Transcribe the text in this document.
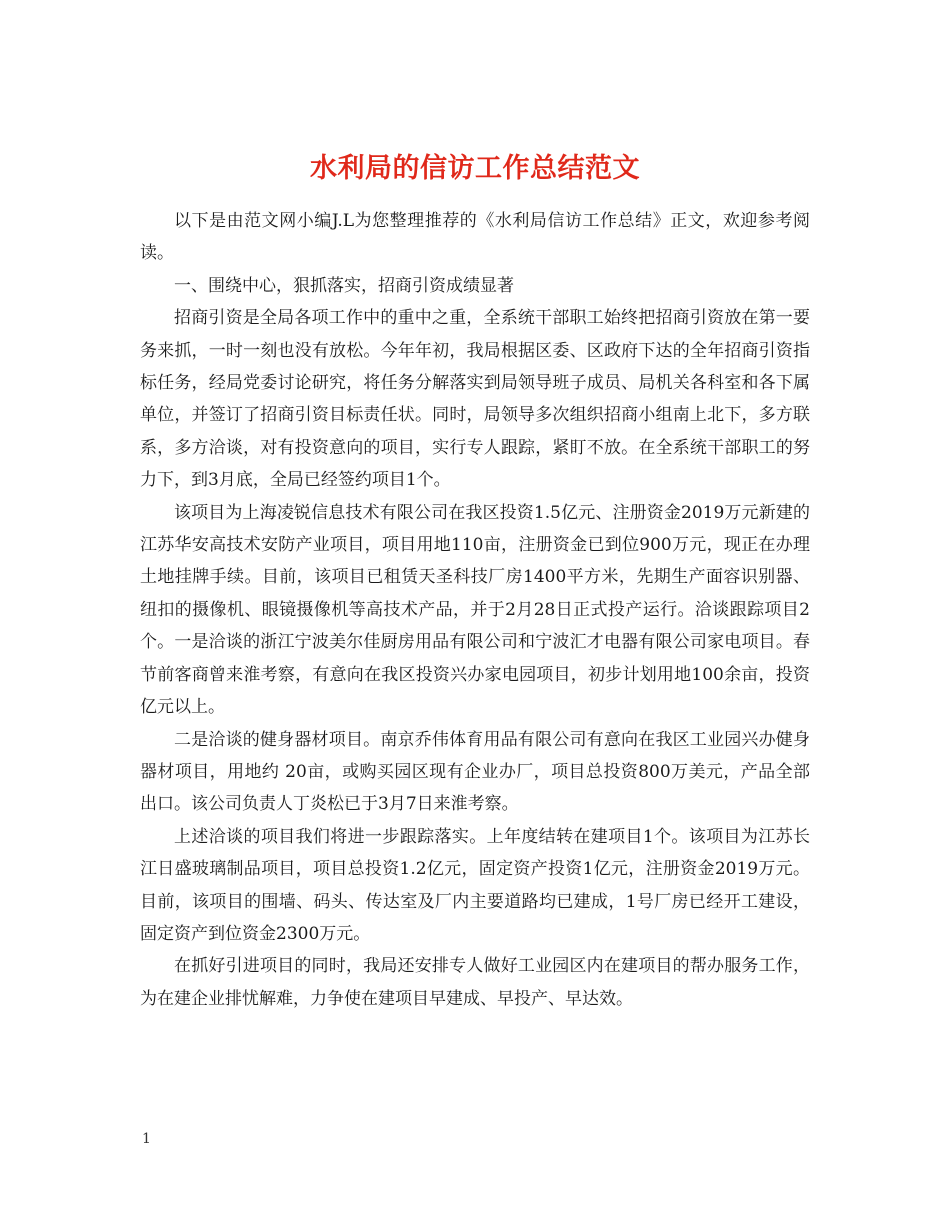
水利局的信访工作总结范文

以下是由范文网小编J.L为您整理推荐的《水利局信访工作总结》正文，欢迎参考阅读。

一、围绕中心，狠抓落实，招商引资成绩显著

招商引资是全局各项工作中的重中之重，全系统干部职工始终把招商引资放在第一要务来抓，一时一刻也没有放松。今年年初，我局根据区委、区政府下达的全年招商引资指标任务，经局党委讨论研究，将任务分解落实到局领导班子成员、局机关各科室和各下属单位，并签订了招商引资目标责任状。同时，局领导多次组织招商小组南上北下，多方联系，多方洽谈，对有投资意向的项目，实行专人跟踪，紧盯不放。在全系统干部职工的努力下，到3月底，全局已经签约项目1个。

该项目为上海凌锐信息技术有限公司在我区投资1.5亿元、注册资金2019万元新建的江苏华安高技术安防产业项目，项目用地110亩，注册资金已到位900万元，现正在办理土地挂牌手续。目前，该项目已租赁天圣科技厂房1400平方米，先期生产面容识别器、纽扣的摄像机、眼镜摄像机等高技术产品，并于2月28日正式投产运行。洽谈跟踪项目2个。一是洽谈的浙江宁波美尔佳厨房用品有限公司和宁波汇才电器有限公司家电项目。春节前客商曾来淮考察，有意向在我区投资兴办家电园项目，初步计划用地100余亩，投资亿元以上。

二是洽谈的健身器材项目。南京乔伟体育用品有限公司有意向在我区工业园兴办健身器材项目，用地约 20亩，或购买园区现有企业办厂，项目总投资800万美元，产品全部出口。该公司负责人丁炎松已于3月7日来淮考察。

上述洽谈的项目我们将进一步跟踪落实。上年度结转在建项目1个。该项目为江苏长江日盛玻璃制品项目，项目总投资1.2亿元，固定资产投资1亿元，注册资金2019万元。目前，该项目的围墙、码头、传达室及厂内主要道路均已建成，1号厂房已经开工建设，固定资产到位资金2300万元。

在抓好引进项目的同时，我局还安排专人做好工业园区内在建项目的帮办服务工作，为在建企业排忧解难，力争使在建项目早建成、早投产、早达效。

1
